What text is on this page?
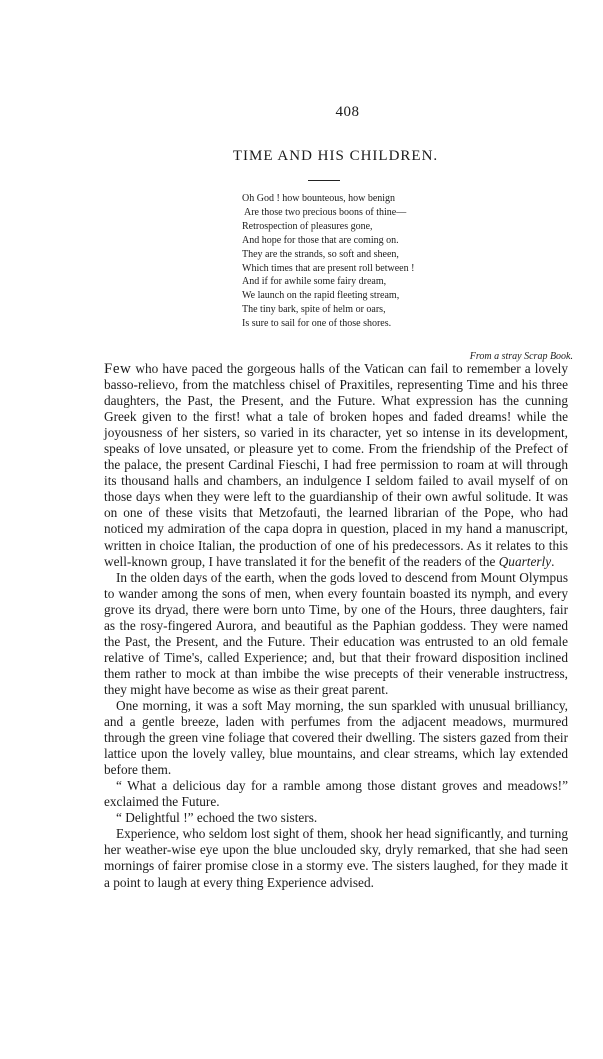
408
TIME AND HIS CHILDREN.
Oh God ! how bounteous, how benign
Are those two precious boons of thine—
Retrospection of pleasures gone,
And hope for those that are coming on.
They are the strands, so soft and sheen,
Which times that are present roll between !
And if for awhile some fairy dream,
We launch on the rapid fleeting stream,
The tiny bark, spite of helm or oars,
Is sure to sail for one of those shores.
From a stray Scrap Book.

Few who have paced the gorgeous halls of the Vatican can fail to remember a lovely basso-relievo, from the matchless chisel of Praxitiles, representing Time and his three daughters, the Past, the Present, and the Future. What expression has the cunning Greek given to the first! what a tale of broken hopes and faded dreams! while the joyousness of her sisters, so varied in its character, yet so intense in its development, speaks of love unsated, or pleasure yet to come. From the friendship of the Prefect of the palace, the present Cardinal Fieschi, I had free permission to roam at will through its thousand halls and chambers, an indulgence I seldom failed to avail myself of on those days when they were left to the guardianship of their own awful solitude. It was on one of these visits that Metzofauti, the learned librarian of the Pope, who had noticed my admiration of the capa dopra in question, placed in my hand a manuscript, written in choice Italian, the production of one of his predecessors. As it relates to this well-known group, I have translated it for the benefit of the readers of the Quarterly.

In the olden days of the earth, when the gods loved to descend from Mount Olympus to wander among the sons of men, when every fountain boasted its nymph, and every grove its dryad, there were born unto Time, by one of the Hours, three daughters, fair as the rosy-fingered Aurora, and beautiful as the Paphian goddess. They were named the Past, the Present, and the Future. Their education was entrusted to an old female relative of Time's, called Experience; and, but that their froward disposition inclined them rather to mock at than imbibe the wise precepts of their venerable instructress, they might have become as wise as their great parent.

One morning, it was a soft May morning, the sun sparkled with unusual brilliancy, and a gentle breeze, laden with perfumes from the adjacent meadows, murmured through the green vine foliage that covered their dwelling. The sisters gazed from their lattice upon the lovely valley, blue mountains, and clear streams, which lay extended before them.

“ What a delicious day for a ramble among those distant groves and meadows!” exclaimed the Future.

“ Delightful !” echoed the two sisters.

Experience, who seldom lost sight of them, shook her head significantly, and turning her weather-wise eye upon the blue unclouded sky, dryly remarked, that she had seen mornings of fairer promise close in a stormy eve. The sisters laughed, for they made it a point to laugh at every thing Experience advised.
